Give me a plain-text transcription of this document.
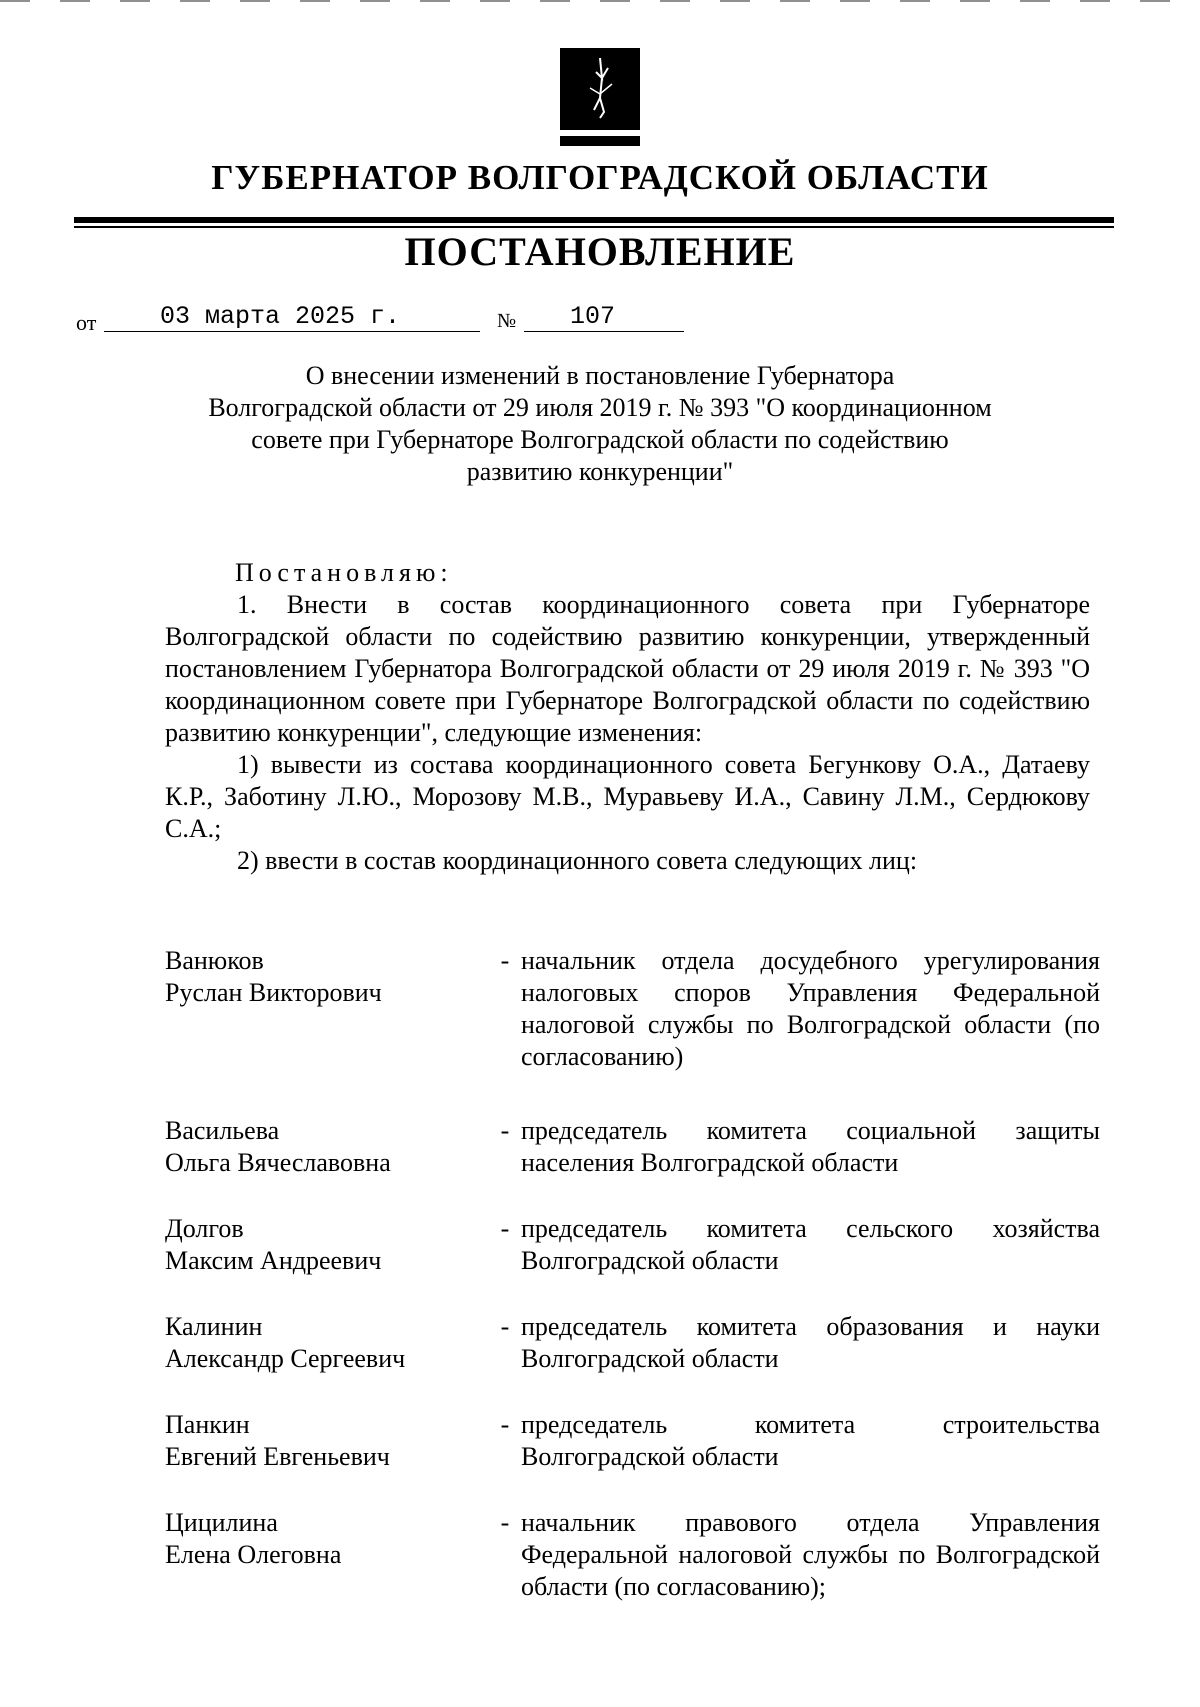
ГУБЕРНАТОР ВОЛГОГРАДСКОЙ ОБЛАСТИ
ПОСТАНОВЛЕНИЕ
от	03 марта 2025 г.	№ 107
О внесении изменений в постановление Губернатора
Волгоградской области от 29 июля 2019 г. № 393 "О координационном
совете при Губернаторе Волгоградской области по содействию
развитию конкуренции"

Постановляю:

1. Внести в состав координационного совета при Губернаторе Волгоградской области по содействию развитию конкуренции, утвержденный постановлением Губернатора Волгоградской области от 29 июля 2019 г. № 393 "О координационном совете при Губернаторе Волгоградской области по содействию развитию конкуренции", следующие изменения:

1) вывести из состава координационного совета Бегункову О.А., Датаеву К.Р., Заботину Л.Ю., Морозову М.В., Муравьеву И.А., Савину Л.М., Сердюкову С.А.;

2) ввести в состав координационного совета следующих лиц:

Ванюков
Руслан Викторович
- начальник отдела досудебного урегулирования налоговых споров Управления Федеральной налоговой службы по Волгоградской области (по согласованию)
Васильева
Ольга Вячеславовна
- председатель комитета социальной защиты населения Волгоградской области
Долгов
Максим Андреевич
- председатель комитета сельского хозяйства Волгоградской области
Калинин
Александр Сергеевич
- председатель комитета образования и науки Волгоградской области
Панкин
Евгений Евгеньевич
- председатель комитета строительства Волгоградской области
Цицилина
Елена Олеговна
- начальник правового отдела Управления Федеральной налоговой службы по Волгоградской области (по согласованию);
